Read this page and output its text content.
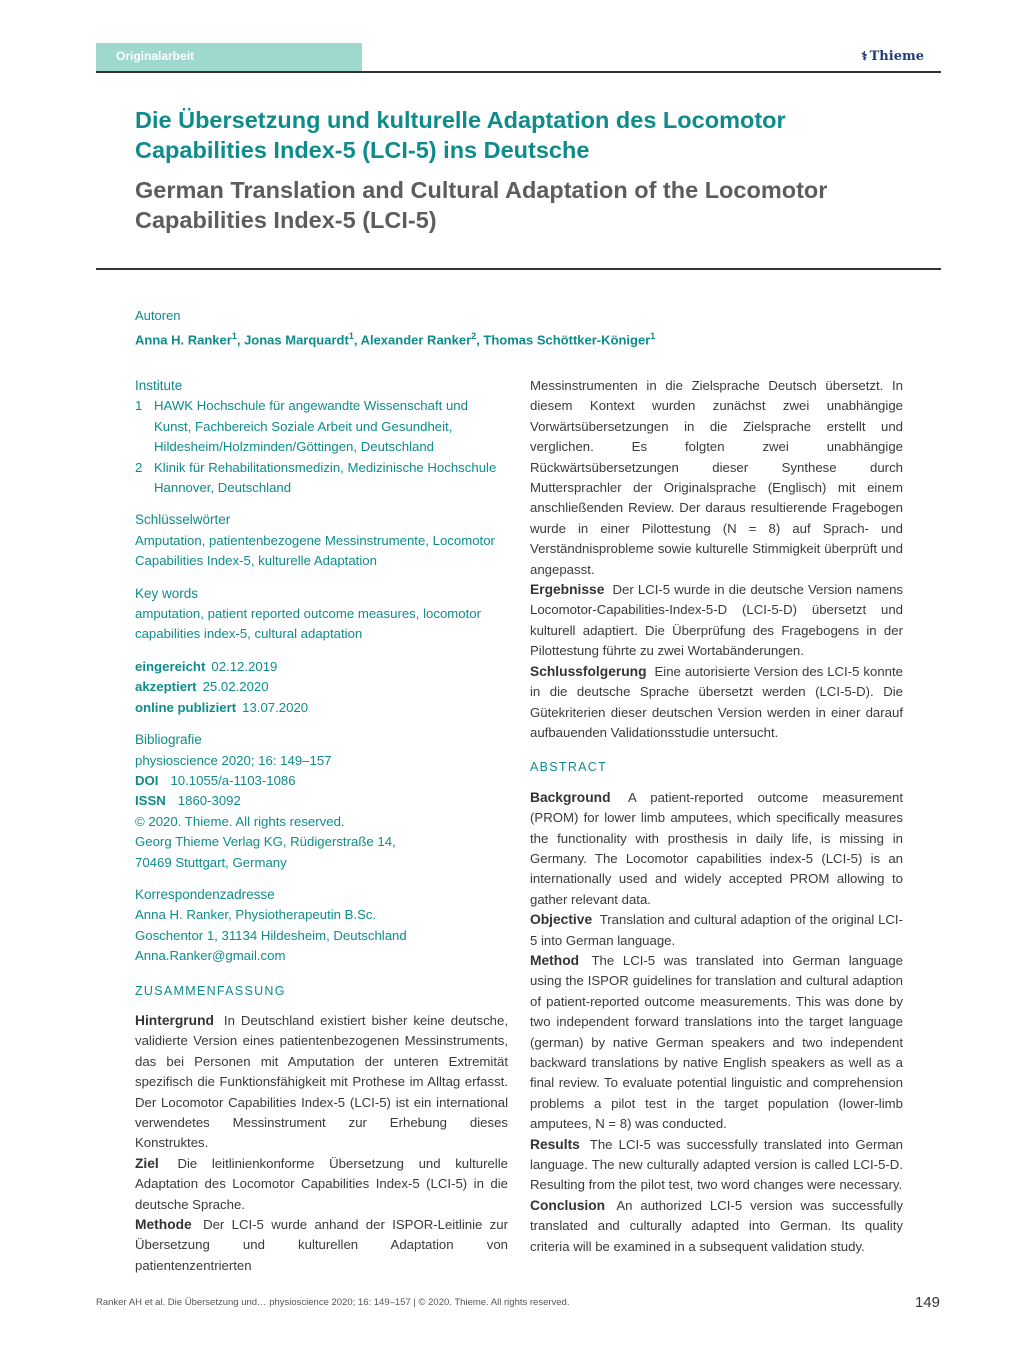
Originalarbeit	⚕ Thieme
Die Übersetzung und kulturelle Adaptation des Locomotor Capabilities Index-5 (LCI-5) ins Deutsche
German Translation and Cultural Adaptation of the Locomotor Capabilities Index-5 (LCI-5)
Autoren
Anna H. Ranker$^1$, Jonas Marquardt$^1$, Alexander Ranker$^2$, Thomas Schöttker-Königer$^1$
Institute
1 HAWK Hochschule für angewandte Wissenschaft und Kunst, Fachbereich Soziale Arbeit und Gesundheit, Hildesheim/Holzminden/Göttingen, Deutschland
2 Klinik für Rehabilitationsmedizin, Medizinische Hochschule Hannover, Deutschland
Schlüsselwörter
Amputation, patientenbezogene Messinstrumente, Locomotor Capabilities Index-5, kulturelle Adaptation
Key words
amputation, patient reported outcome measures, locomotor capabilities index-5, cultural adaptation
eingereicht 02.12.2019
akzeptiert 25.02.2020
online publiziert 13.07.2020
Bibliografie
physioscience 2020; 16: 149–157
DOI 10.1055/a-1103-1086
ISSN 1860-3092
© 2020. Thieme. All rights reserved.
Georg Thieme Verlag KG, Rüdigerstraße 14,
70469 Stuttgart, Germany
Korrespondenzadresse
Anna H. Ranker, Physiotherapeutin B.Sc.
Goschentor 1, 31134 Hildesheim, Deutschland
Anna.Ranker@gmail.com
ZUSAMMENFASSUNG
Hintergrund In Deutschland existiert bisher keine deutsche, validierte Version eines patientenbezogenen Messinstruments, das bei Personen mit Amputation der unteren Extremität spezifisch die Funktionsfähigkeit mit Prothese im Alltag erfasst. Der Locomotor Capabilities Index-5 (LCI-5) ist ein international verwendetes Messinstrument zur Erhebung dieses Konstruktes.
Ziel Die leitlinienkonforme Übersetzung und kulturelle Adaptation des Locomotor Capabilities Index-5 (LCI-5) in die deutsche Sprache.
Methode Der LCI-5 wurde anhand der ISPOR-Leitlinie zur Übersetzung und kulturellen Adaptation von patientenzentrierten
Messinstrumenten in die Zielsprache Deutsch übersetzt. In diesem Kontext wurden zunächst zwei unabhängige Vorwärtsübersetzungen in die Zielsprache erstellt und verglichen. Es folgten zwei unabhängige Rückwärtsübersetzungen dieser Synthese durch Muttersprachler der Originalsprache (Englisch) mit einem anschließenden Review. Der daraus resultierende Fragebogen wurde in einer Pilottestung (N = 8) auf Sprach- und Verständnisprobleme sowie kulturelle Stimmigkeit überprüft und angepasst.
Ergebnisse Der LCI-5 wurde in die deutsche Version namens Locomotor-Capabilities-Index-5-D (LCI-5-D) übersetzt und kulturell adaptiert. Die Überprüfung des Fragebogens in der Pilottestung führte zu zwei Wortabänderungen.
Schlussfolgerung Eine autorisierte Version des LCI-5 konnte in die deutsche Sprache übersetzt werden (LCI-5-D). Die Gütekriterien dieser deutschen Version werden in einer darauf aufbauenden Validationsstudie untersucht.
ABSTRACT
Background A patient-reported outcome measurement (PROM) for lower limb amputees, which specifically measures the functionality with prosthesis in daily life, is missing in Germany. The Locomotor capabilities index-5 (LCI-5) is an internationally used and widely accepted PROM allowing to gather relevant data.
Objective Translation and cultural adaption of the original LCI-5 into German language.
Method The LCI-5 was translated into German language using the ISPOR guidelines for translation and cultural adaption of patient-reported outcome measurements. This was done by two independent forward translations into the target language (german) by native German speakers and two independent backward translations by native English speakers as well as a final review. To evaluate potential linguistic and comprehension problems a pilot test in the target population (lower-limb amputees, N = 8) was conducted.
Results The LCI-5 was successfully translated into German language. The new culturally adapted version is called LCI-5-D. Resulting from the pilot test, two word changes were necessary.
Conclusion An authorized LCI-5 version was successfully translated and culturally adapted into German. Its quality criteria will be examined in a subsequent validation study.
Ranker AH et al. Die Übersetzung und… physioscience 2020; 16: 149–157 | © 2020. Thieme. All rights reserved.	149
